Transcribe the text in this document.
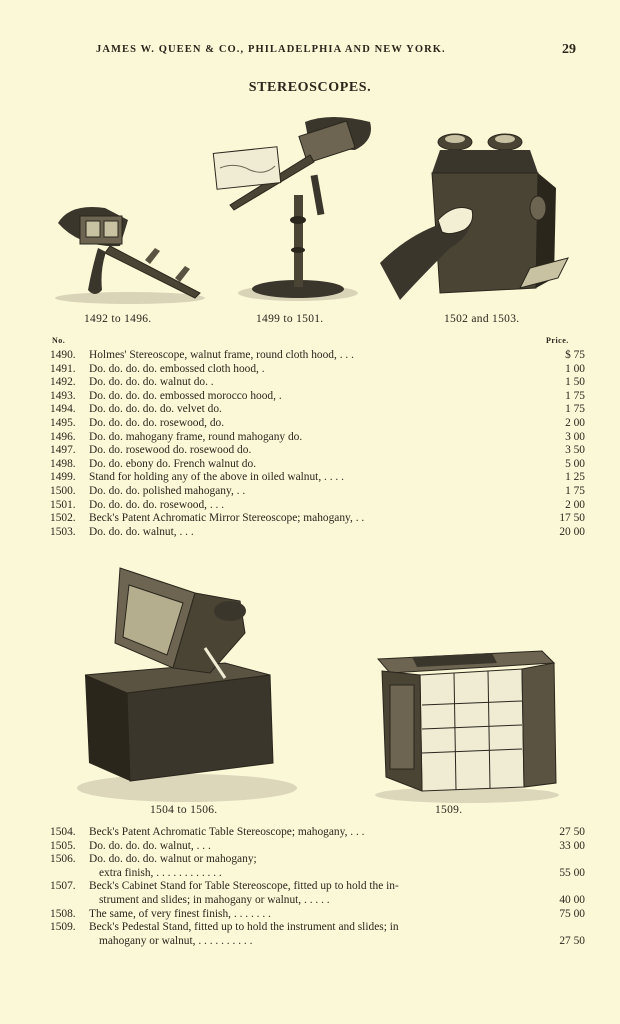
JAMES W. QUEEN & CO., PHILADELPHIA AND NEW YORK.	29
STEREOSCOPES.
1492 to 1496.	1499 to 1501.	1502 and 1503.
No.	Price.
1490.	Holmes' Stereoscope, walnut frame, round cloth hood, . . .	$ 75
1491.	Do. do. do. do. embossed cloth hood, .	1 00
1492.	Do. do. do. do. walnut do. .	1 50
1493.	Do. do. do. do. embossed morocco hood, .	1 75
1494.	Do. do. do. do. do. velvet do.	1 75
1495.	Do. do. do. do. rosewood, do.	2 00
1496.	Do. do. mahogany frame, round mahogany do.	3 00
1497.	Do. do. rosewood do. rosewood do.	3 50
1498.	Do. do. ebony do. French walnut do.	5 00
1499.	Stand for holding any of the above in oiled walnut, . . . .	1 25
1500.	Do. do. do. polished mahogany, . .	1 75
1501.	Do. do. do. do. rosewood, . . .	2 00
1502.	Beck's Patent Achromatic Mirror Stereoscope; mahogany, . .	17 50
1503.	Do. do. do. walnut, . . .	20 00
1504 to 1506.	1509.
1504.	Beck's Patent Achromatic Table Stereoscope; mahogany, . . .	27 50
1505.	Do. do. do. do. walnut, . . .	33 00
1506.	Do. do. do. do. walnut or mahogany;
extra finish, . . . . . . . . . . . .	55 00
1507.	Beck's Cabinet Stand for Table Stereoscope, fitted up to hold the in-
strument and slides; in mahogany or walnut, . . . . .	40 00
1508.	The same, of very finest finish, . . . . . . .	75 00
1509.	Beck's Pedestal Stand, fitted up to hold the instrument and slides; in
mahogany or walnut, . . . . . . . . . .	27 50
